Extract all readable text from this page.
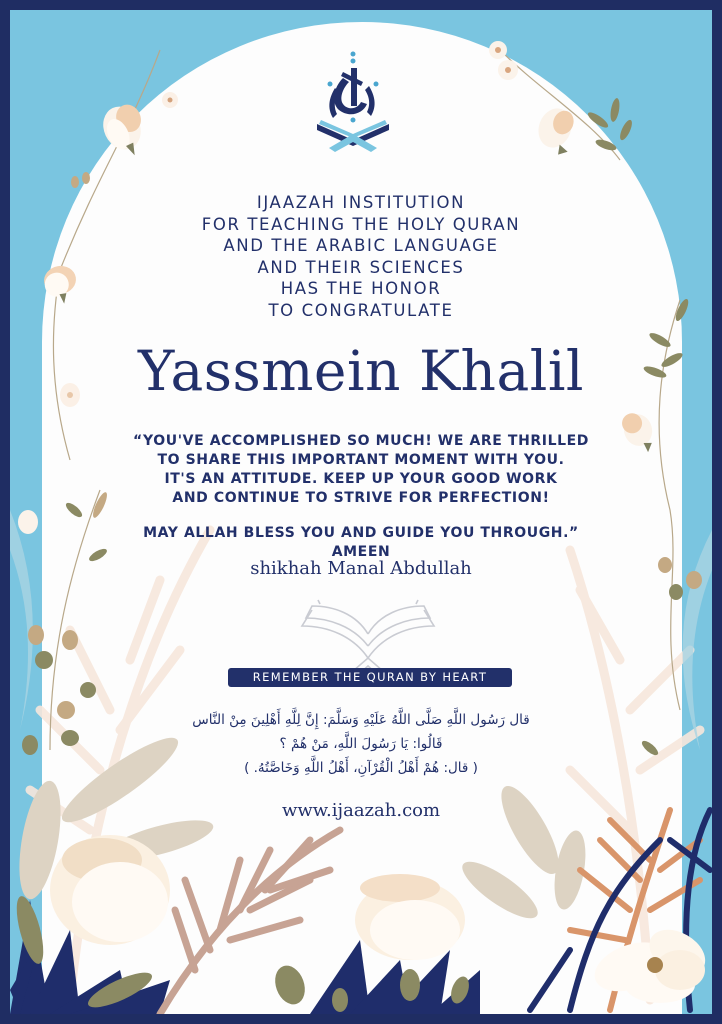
IJAAZAH INSTITUTION
FOR TEACHING THE HOLY QURAN
AND THE ARABIC LANGUAGE
AND THEIR SCIENCES
HAS THE HONOR
TO CONGRATULATE
Yassmein Khalil
“YOU'VE ACCOMPLISHED SO MUCH! WE ARE THRILLED
TO SHARE THIS IMPORTANT MOMENT WITH YOU.
IT'S AN ATTITUDE. KEEP UP YOUR GOOD WORK
AND CONTINUE TO STRIVE FOR PERFECTION!
MAY ALLAH BLESS YOU AND GUIDE YOU THROUGH.”
AMEEN
shikhah Manal Abdullah
REMEMBER THE QURAN BY HEART
قال رَسُول اللَّهِ صَلَّى اللَّهُ عَلَيْهِ وَسَلَّمَ: إِنَّ لِلَّهِ أَهْلِينَ مِنْ النَّاس
قَالُوا: يَا رَسُولَ اللَّهِ، مَنْ هُمْ ؟
( قال: هُمْ أَهْلُ الْقُرْآنِ، أَهْلُ اللَّهِ وَخَاصَّتُهُ. )
www.ijaazah.com
